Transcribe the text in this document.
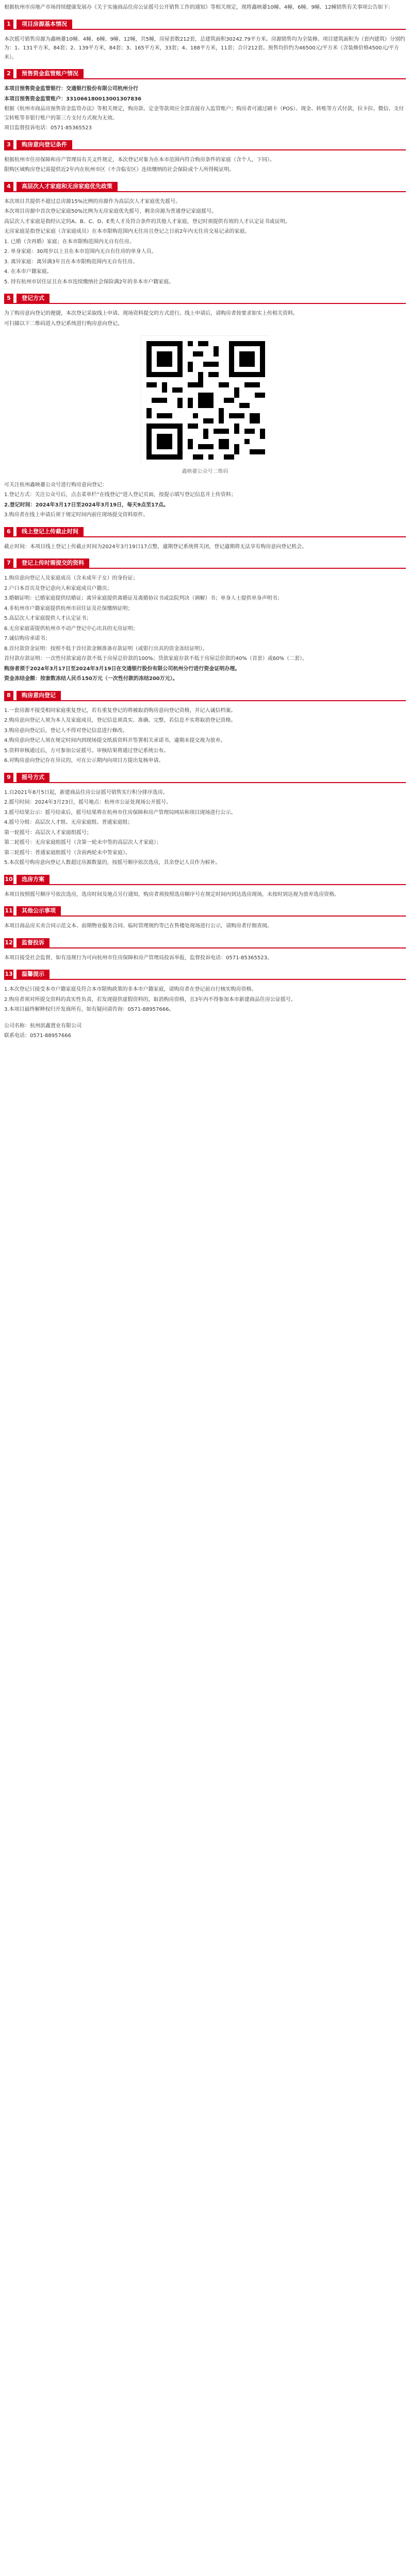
根据杭州市房地产市场持续健康发展办《关于实施商品住房公证摇号公开销售工作的通知》等相关规定，现将鑫映薹10幢、4幢、6幢、9幢、12幢销售有关事项公告如下：

1	项目房源基本情况

本次摇号销售房源为鑫映薹10幢、4幢、6幢、9幢、12幢，共5幢，房屋套数212套，总建筑面积30242.79平方米。房源销售均为全装修。项目建筑面积为（套内建筑）分别约为：1、131平方米，84套；2、139平方米，84套；3、165平方米，33套；4、188平方米，11套；合计212套。预售均价约为46500元/平方米（含装修价格4500元/平方米）。

2	预售资金监管账户情况

本项目预售资金监管银行：交通银行股份有限公司杭州分行

本项目预售资金监管账户：331066180013001307836

根据《杭州市商品房预售资金监管办法》等相关规定，购房款、定金等款项应全部直接存入监管账户；购房者可通过刷卡（POS）、现金、转账等方式付款，拉卡拉、微信、支付宝转账等非银行账户的第三方支付方式视为无效。

项目监督投诉电话：0571-85365523

3	购房意向登记条件

根据杭州市住房保障和房产管理局有关文件规定，本次登记对象为在本市范围内符合购房条件的家庭（含个人，下同）。

限购区域购房登记需提供近2年内在杭州市区（不含临安区）连续缴纳的社会保险或个人所得税证明。

4	高层次人才家庭和无房家庭优先政策

本次项目共提供不超过总房源15%比例的房源作为高层次人才家庭优先摇号。

本次项目房源中首次登记家庭50%比例为无房家庭优先摇号，剩余房源为普通登记家庭摇号。

高层次人才家庭是指经认定的A、B、C、D、E类人才及符合条件的其他人才家庭，登记时须提供有效的人才认定证书或证明。

无房家庭是指登记家庭（含家庭成员）在本市限购范围内无住房且登记之日前2年内无住房交易记录的家庭。

1. 已婚（含再婚）家庭；在本市限购范围内无自有住房。

2. 单身家庭：30周岁以上且在本市范围内无自有住房的单身人员。

3. 离异家庭：离异满3年且在本市限购范围内无自有住房。

4. 在本市户籍家庭。

5. 持有杭州市居住证且在本市连续缴纳社会保险满2年的非本市户籍家庭。

5	登记方式

为了购房意向登记的便捷，本次登记采取线上申请、现场资料提交的方式进行。线上申请后，请购房者按要求如实上传相关资料。

可扫描以下二维码进入登记系统进行购房意向登记。

鑫映薹公众号二维码

可关注杭州鑫映薹公众号进行购房意向登记：

1.登记方式：关注公众号后，点击菜单栏“在线登记”进入登记页面，按提示填写登记信息并上传资料；

2.登记时间：2024年3月17日至2024年3月19日，每天9点至17点。

3.购房者在线上申请后须于规定时间内前往现场提交资料原件。

6	线上登记上传截止时间

截止时间：本项目线上登记上传截止时间为2024年3月19日17点整，逾期登记系统将关闭，登记逾期将无法享有购房意向登记机会。

7	登记上传时需提交的资料

1.购房意向登记人及家庭成员（含未成年子女）的身份证；

2.户口本首页及登记意向人和家庭成员户籍页；

3.婚姻证明：已婚家庭提供结婚证；离异家庭提供离婚证及离婚协议书或法院判决（调解）书；单身人士提供单身声明书；

4.非杭州市户籍家庭提供杭州市居住证及社保缴纳证明；

5.高层次人才家庭提供人才认定证书；

6.无房家庭需提供杭州市不动产登记中心出具的无房证明；

7.诚信购房承诺书；

8.首付款资金证明：按照不低于首付款金额准备存款证明（或银行出具的资金冻结证明）。

首付款存款证明：一次性付款家庭存款不低于房屋总价款的100%；贷款家庭存款不低于房屋总价款的40%（首套）或60%（二套）。

购房者须于2024年3月17日至2024年3月19日在交通银行股份有限公司杭州分行进行资金证明办理。

资金冻结金额：按套数冻结人民币150万元（一次性付款的冻结200万元）。

8	购房意向登记

1.一套房源不接受相同家庭重复登记，若有重复登记的将被取消购房意向登记资格，并记入诚信档案。

2.购房意向登记人须为本人及家庭成员，登记信息须真实、准确、完整，若信息不实将取消登记资格。

3.购房意向登记后，登记人不得对登记信息进行修改。

4.购房意向登记人须在规定时间内到现场提交纸质资料并签署相关承诺书，逾期未提交视为放弃。

5.资料审核通过后，方可参加公证摇号。审核结果将通过登记系统公布。

6.对购房意向登记存在异议的，可在公示期内向项目方提出复核申请。

9	摇号方式

1.自2021年8月5日起，新建商品住房公证摇号销售实行积分排序选房。

2.摇号时间：2024年3月23日，摇号地点：杭州市公证处现场公开摇号。

3.摇号结果公示：摇号结束后，摇号结果将在杭州市住房保障和房产管理局网站和项目现场进行公示。

4.摇号分组：高层次人才组、无房家庭组、普通家庭组；

第一轮摇号：高层次人才家庭组摇号；

第二轮摇号：无房家庭组摇号（含第一轮未中签的高层次人才家庭）；

第三轮摇号：普通家庭组摇号（含前两轮未中签家庭）。

5.本次摇号购房意向登记人数超过房源数量的，按摇号顺序依次选房，其余登记人员作为候补。

10	选房方案

本项目按照摇号顺序号依次选房，选房时间及地点另行通知，购房者须按照选房顺序号在规定时间内到达选房现场，未按时到达视为放弃选房资格。

11	其他公示事项

本项目商品房买卖合同示范文本、前期物业服务合同、临时管理规约等已在售楼处现场进行公示，请购房者仔细查阅。

12	监督投诉

本项目接受社会监督，如有违规行为可向杭州市住房保障和房产管理局投诉举报，监督投诉电话：0571-85365523。

13	温馨提示

1.本次登记只接受本市户籍家庭及符合本市限购政策的非本市户籍家庭，请购房者在登记前自行核实购房资格。

2.购房者须对所提交资料的真实性负责，若发现提供虚假资料的，取消购房资格，且3年内不得参加本市新建商品住房公证摇号。

3.本项目最终解释权归开发商所有，如有疑问请咨询：0571-88957666。

公司名称：杭州滨鑫置业有限公司

联系电话：0571-88957666
